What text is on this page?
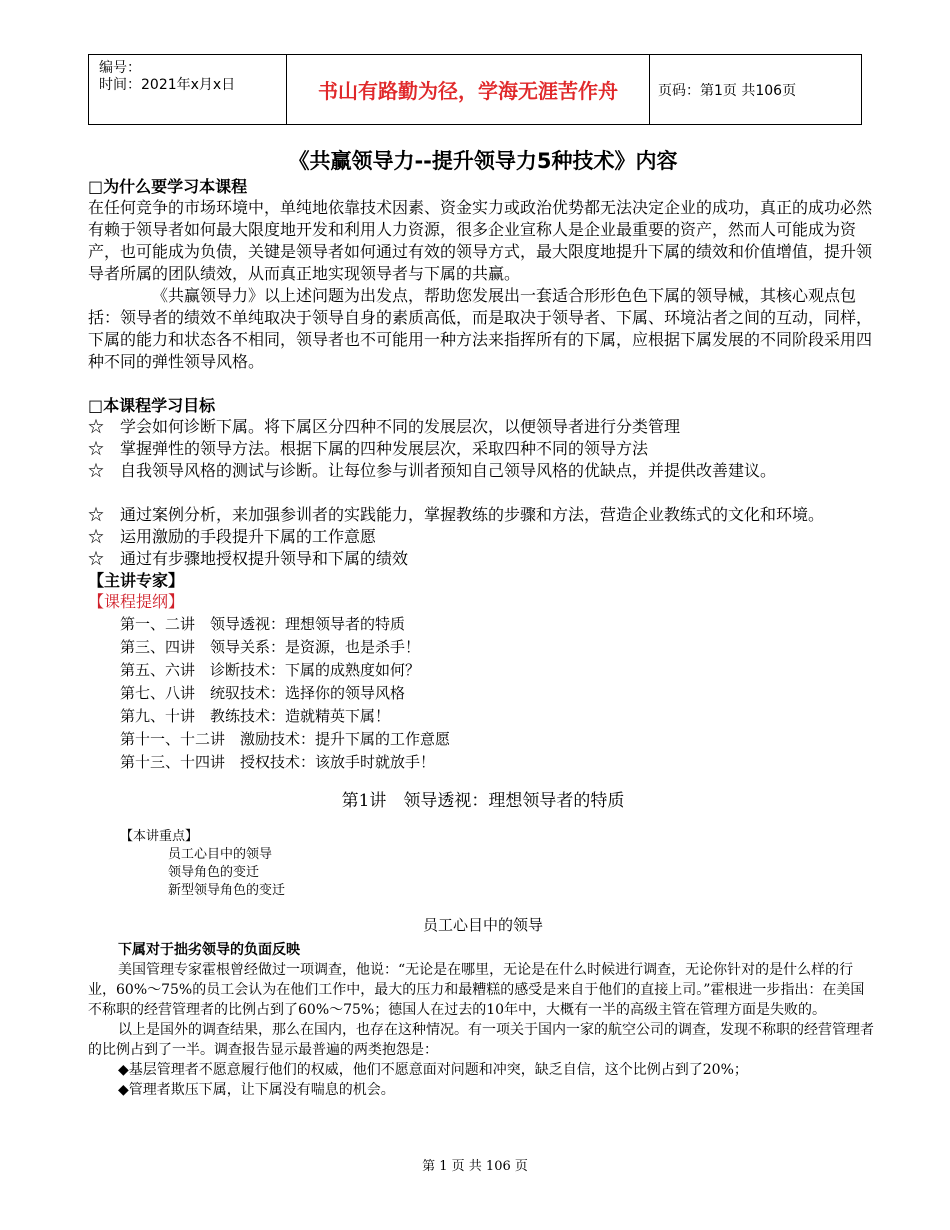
编号：
时间：2021年x月x日	书山有路勤为径，学海无涯苦作舟	页码：第1页 共106页

《共赢领导力--提升领导力5种技术》内容

□为什么要学习本课程

在任何竞争的市场环境中，单纯地依靠技术因素、资金实力或政治优势都无法决定企业的成功，真正的成功必然有赖于领导者如何最大限度地开发和利用人力资源，很多企业宣称人是企业最重要的资产，然而人可能成为资产，也可能成为负债，关键是领导者如何通过有效的领导方式，最大限度地提升下属的绩效和价值增值，提升领导者所属的团队绩效，从而真正地实现领导者与下属的共赢。

《共赢领导力》以上述问题为出发点，帮助您发展出一套适合形形色色下属的领导械，其核心观点包括：领导者的绩效不单纯取决于领导自身的素质高低，而是取决于领导者、下属、环境沾者之间的互动，同样，下属的能力和状态各不相同，领导者也不可能用一种方法来指挥所有的下属，应根据下属发展的不同阶段采用四种不同的弹性领导风格。

□本课程学习目标

☆　学会如何诊断下属。将下属区分四种不同的发展层次，以便领导者进行分类管理

☆　掌握弹性的领导方法。根据下属的四种发展层次，采取四种不同的领导方法

☆　自我领导风格的测试与诊断。让每位参与训者预知自己领导风格的优缺点，并提供改善建议。

☆　通过案例分析，来加强参训者的实践能力，掌握教练的步骤和方法，营造企业教练式的文化和环境。

☆　运用激励的手段提升下属的工作意愿

☆　通过有步骤地授权提升领导和下属的绩效

【主讲专家】

【课程提纲】

第一、二讲　领导透视：理想领导者的特质

第三、四讲　领导关系：是资源，也是杀手！

第五、六讲　诊断技术：下属的成熟度如何？

第七、八讲　统驭技术：选择你的领导风格

第九、十讲　教练技术：造就精英下属！

第十一、十二讲　激励技术：提升下属的工作意愿

第十三、十四讲　授权技术：该放手时就放手！

第1讲　领导透视：理想领导者的特质

【本讲重点】

员工心目中的领导

领导角色的变迁

新型领导角色的变迁

员工心目中的领导

下属对于拙劣领导的负面反映

美国管理专家霍根曾经做过一项调查，他说：“无论是在哪里，无论是在什么时候进行调查，无论你针对的是什么样的行业，60%～75%的员工会认为在他们工作中，最大的压力和最糟糕的感受是来自于他们的直接上司。”霍根进一步指出：在美国不称职的经营管理者的比例占到了60%～75%；德国人在过去的10年中，大概有一半的高级主管在管理方面是失败的。

以上是国外的调查结果，那么在国内，也存在这种情况。有一项关于国内一家的航空公司的调查，发现不称职的经营管理者的比例占到了一半。调查报告显示最普遍的两类抱怨是：

◆基层管理者不愿意履行他们的权威，他们不愿意面对问题和冲突，缺乏自信，这个比例占到了20%；

◆管理者欺压下属，让下属没有喘息的机会。

第 1 页 共 106 页
